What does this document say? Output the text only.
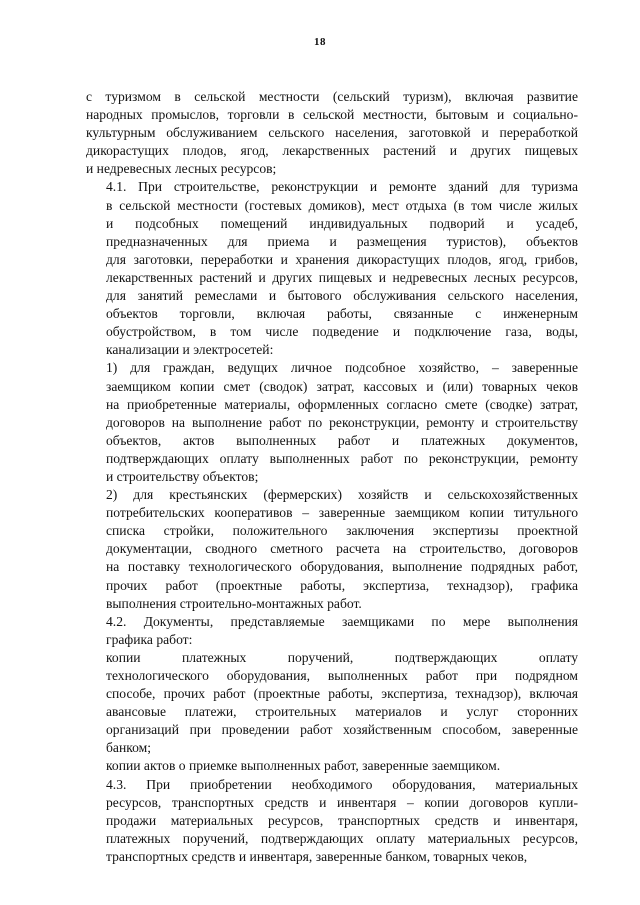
18

с туризмом в сельской местности (сельский туризм), включая развитие
народных промыслов, торговли в сельской местности, бытовым и социально-
культурным обслуживанием сельского населения, заготовкой и переработкой
дикорастущих плодов, ягод, лекарственных растений и других пищевых
и недревесных лесных ресурсов;

4.1. При строительстве, реконструкции и ремонте зданий для туризма
в сельской местности (гостевых домиков), мест отдыха (в том числе жилых
и подсобных помещений индивидуальных подворий и усадеб,
предназначенных для приема и размещения туристов), объектов
для заготовки, переработки и хранения дикорастущих плодов, ягод, грибов,
лекарственных растений и других пищевых и недревесных лесных ресурсов,
для занятий ремеслами и бытового обслуживания сельского населения,
объектов торговли, включая работы, связанные с инженерным
обустройством, в том числе подведение и подключение газа, воды,
канализации и электросетей:

1) для граждан, ведущих личное подсобное хозяйство, – заверенные
заемщиком копии смет (сводок) затрат, кассовых и (или) товарных чеков
на приобретенные материалы, оформленных согласно смете (сводке) затрат,
договоров на выполнение работ по реконструкции, ремонту и строительству
объектов, актов выполненных работ и платежных документов,
подтверждающих оплату выполненных работ по реконструкции, ремонту
и строительству объектов;

2) для крестьянских (фермерских) хозяйств и сельскохозяйственных
потребительских кооперативов – заверенные заемщиком копии титульного
списка стройки, положительного заключения экспертизы проектной
документации, сводного сметного расчета на строительство, договоров
на поставку технологического оборудования, выполнение подрядных работ,
прочих работ (проектные работы, экспертиза, технадзор), графика
выполнения строительно-монтажных работ.

4.2. Документы, представляемые заемщиками по мере выполнения
графика работ:

копии платежных поручений, подтверждающих оплату
технологического оборудования, выполненных работ при подрядном
способе, прочих работ (проектные работы, экспертиза, технадзор), включая
авансовые платежи, строительных материалов и услуг сторонних
организаций при проведении работ хозяйственным способом, заверенные
банком;

копии актов о приемке выполненных работ, заверенные заемщиком.

4.3. При приобретении необходимого оборудования, материальных
ресурсов, транспортных средств и инвентаря – копии договоров купли-
продажи материальных ресурсов, транспортных средств и инвентаря,
платежных поручений, подтверждающих оплату материальных ресурсов,
транспортных средств и инвентаря, заверенные банком, товарных чеков,
